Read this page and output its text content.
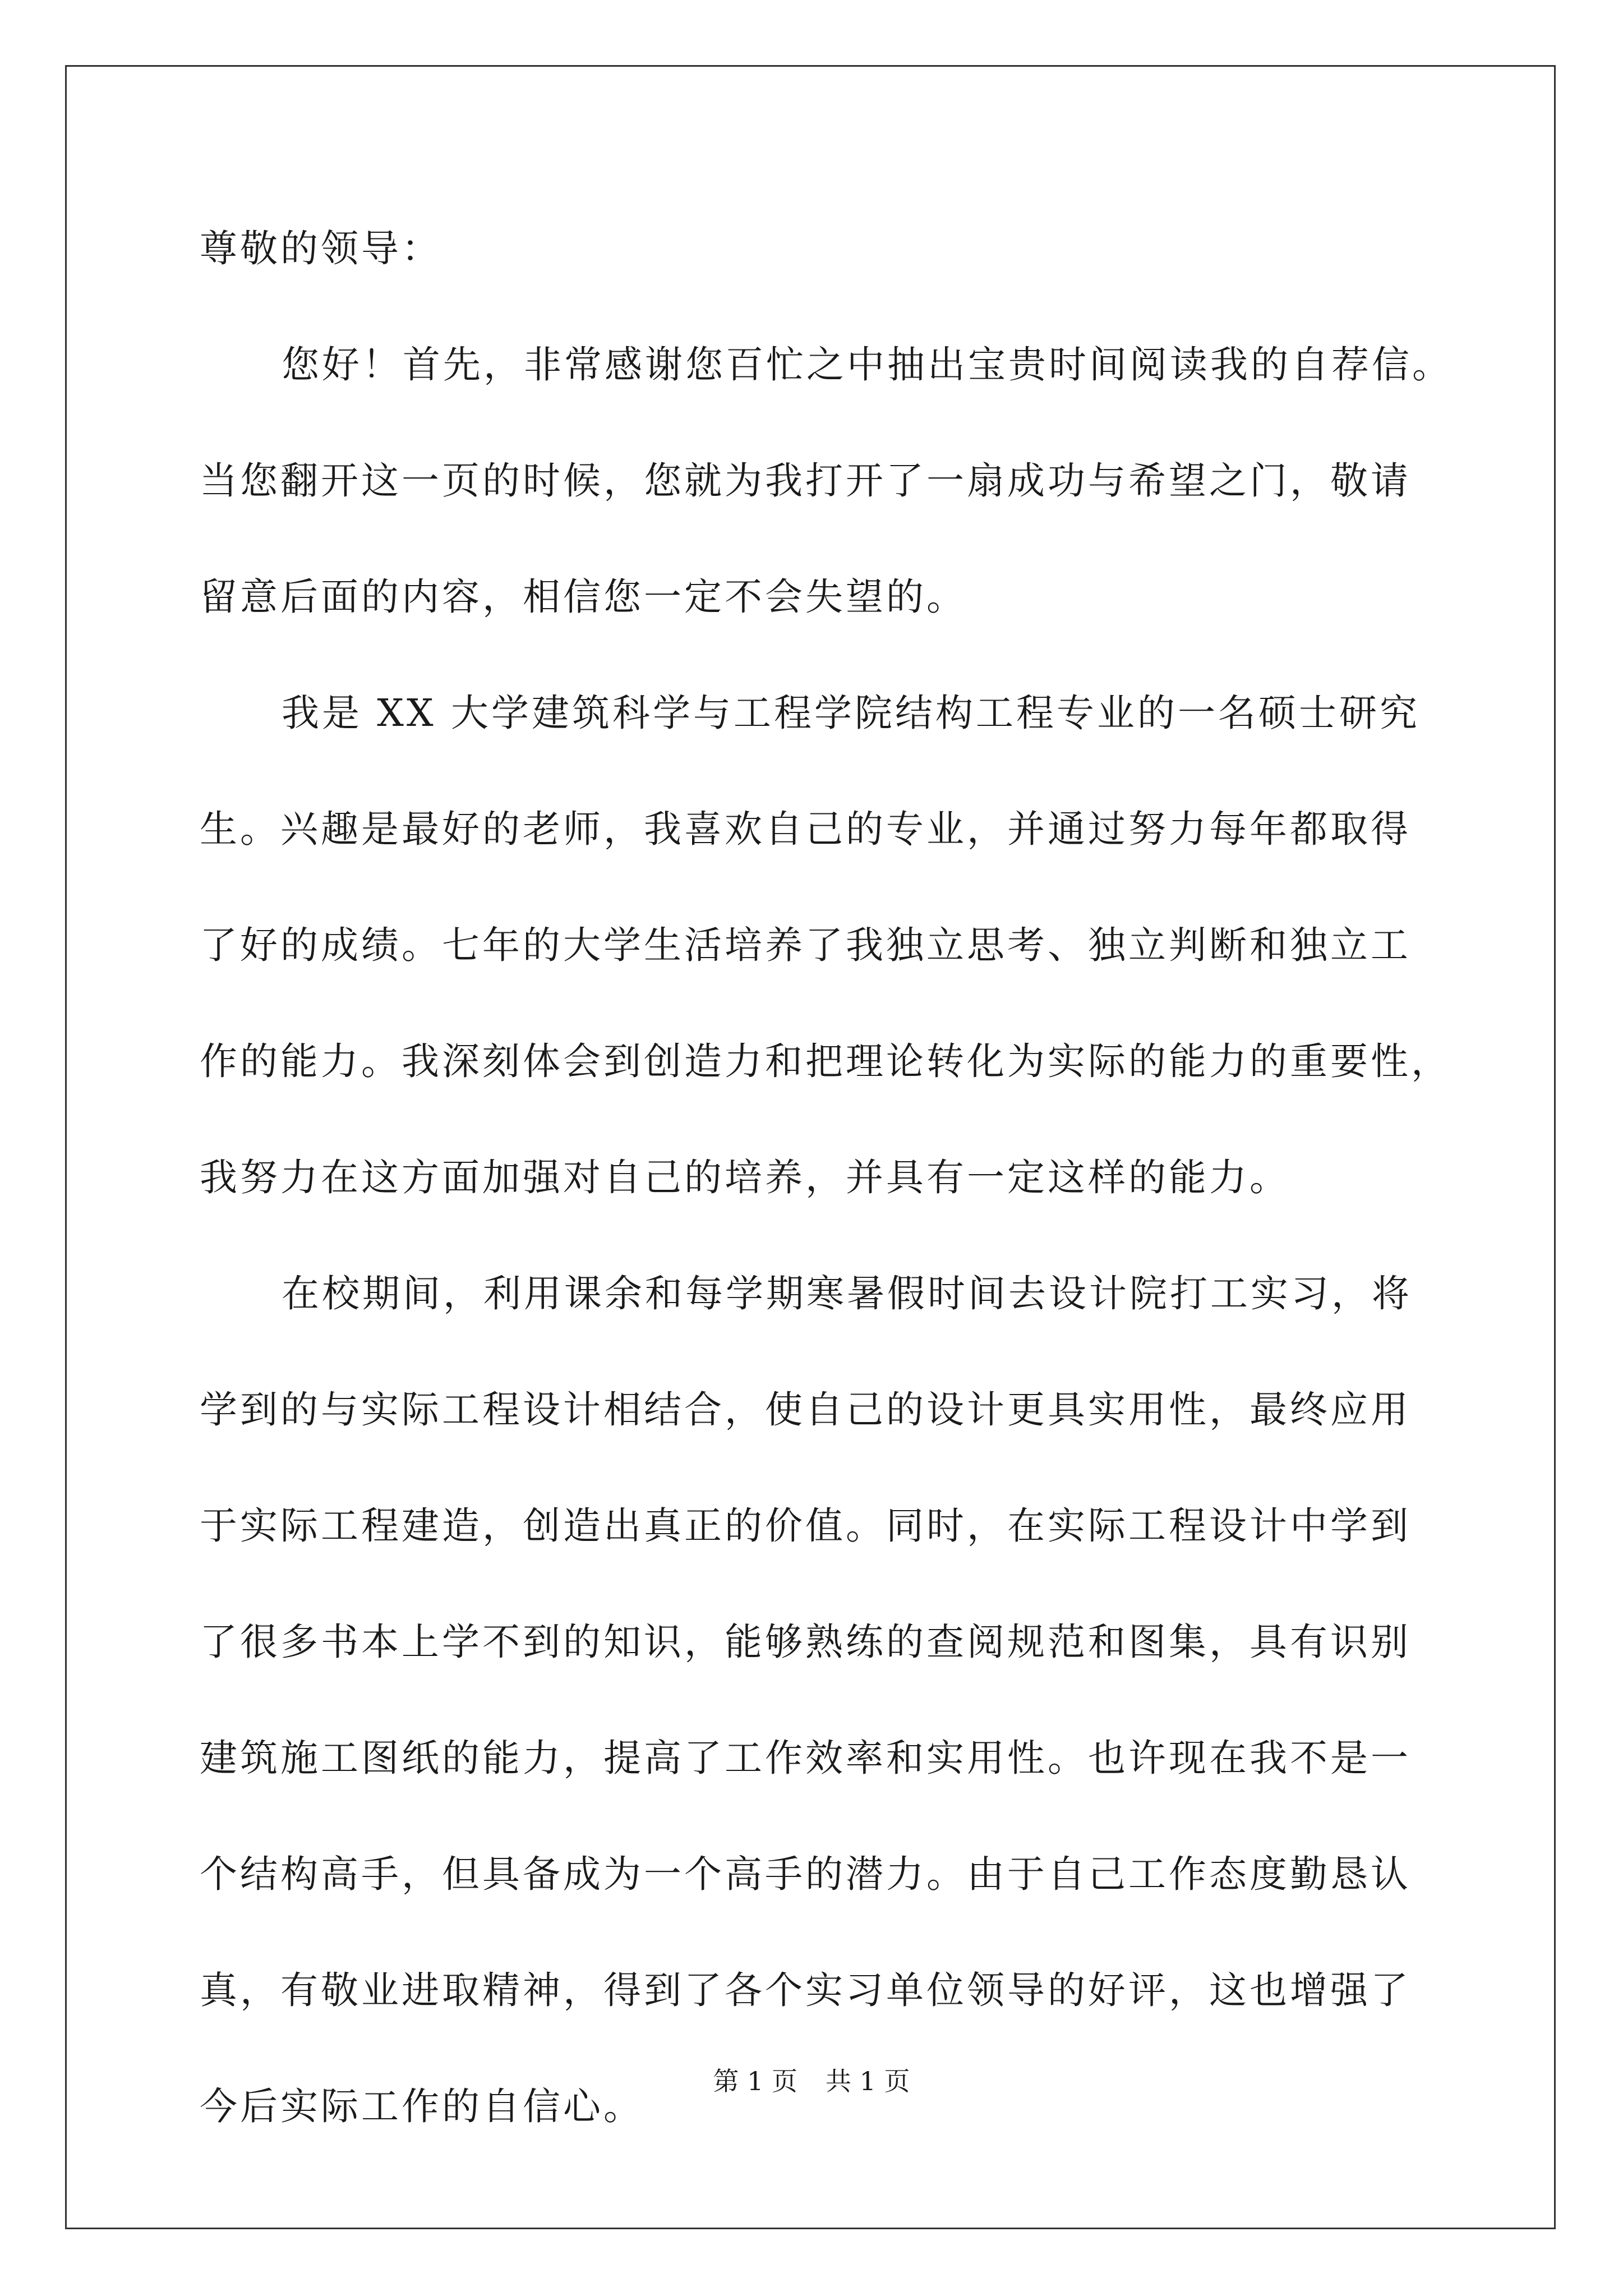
尊敬的领导：
您好！首先，非常感谢您百忙之中抽出宝贵时间阅读我的自荐信。
当您翻开这一页的时候，您就为我打开了一扇成功与希望之门，敬请
留意后面的内容，相信您一定不会失望的。
我是 XX 大学建筑科学与工程学院结构工程专业的一名硕士研究
生。兴趣是最好的老师，我喜欢自己的专业，并通过努力每年都取得
了好的成绩。七年的大学生活培养了我独立思考、独立判断和独立工
作的能力。我深刻体会到创造力和把理论转化为实际的能力的重要性，
我努力在这方面加强对自己的培养，并具有一定这样的能力。
在校期间，利用课余和每学期寒暑假时间去设计院打工实习，将
学到的与实际工程设计相结合，使自己的设计更具实用性，最终应用
于实际工程建造，创造出真正的价值。同时，在实际工程设计中学到
了很多书本上学不到的知识，能够熟练的查阅规范和图集，具有识别
建筑施工图纸的能力，提高了工作效率和实用性。也许现在我不是一
个结构高手，但具备成为一个高手的潜力。由于自己工作态度勤恳认
真，有敬业进取精神，得到了各个实习单位领导的好评，这也增强了
今后实际工作的自信心。
第 1 页 共 1 页
